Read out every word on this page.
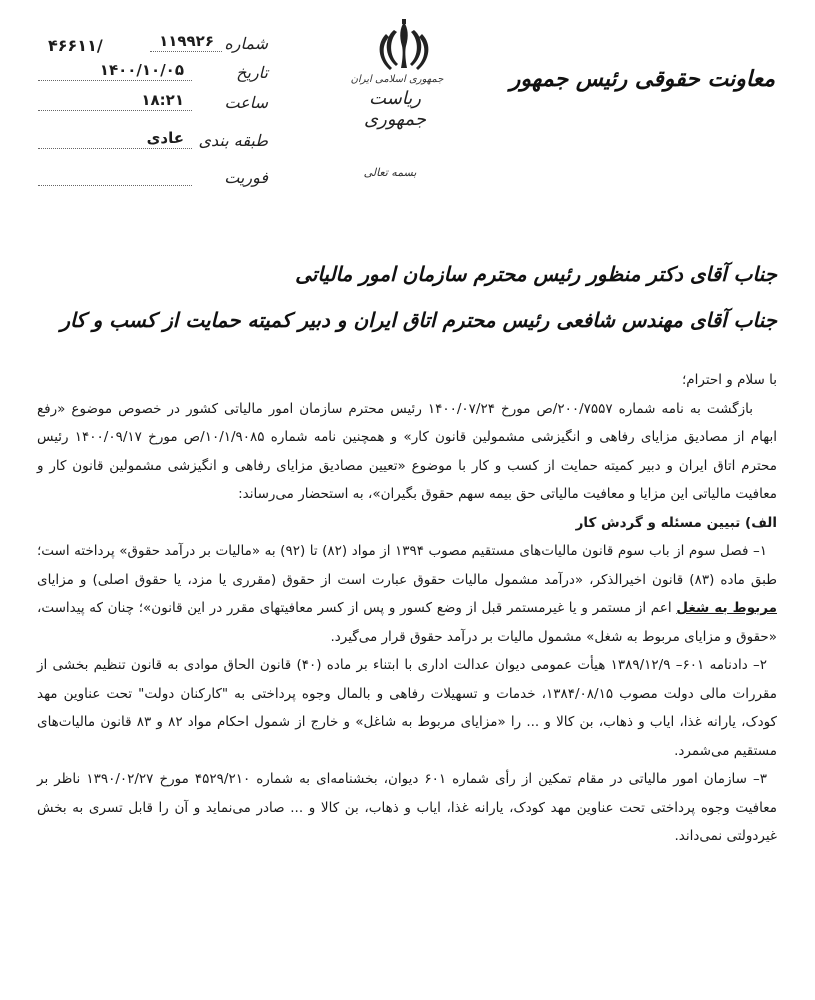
۴۶۶۱۱/	شماره
۱۱۹۹۲۶
تاریخ
۱۴۰۰/۱۰/۰۵
ساعت
۱۸:۲۱
طبقه بندی
عادی
فوریت
جمهوری اسلامی ایران
ریاست جمهوری
بسمه تعالی
معاونت حقوقی رئیس جمهور
جناب آقای دکتر منظور رئیس محترم سازمان امور مالیاتی
جناب آقای مهندس شافعی رئیس محترم اتاق ایران و دبیر کمیته حمایت از کسب و کار

با سلام و احترام؛

بازگشت به نامه شماره ۲۰۰/۷۵۵۷/ص مورخ ۱۴۰۰/۰۷/۲۴ رئیس محترم سازمان امور مالیاتی کشور در خصوص موضوع «رفع ابهام از مصادیق مزایای رفاهی و انگیزشی مشمولین قانون کار» و همچنین نامه شماره ۱۰/۱/۹۰۸۵/ص مورخ ۱۴۰۰/۰۹/۱۷ رئیس محترم اتاق ایران و دبیر کمیته حمایت از کسب و کار با موضوع «تعیین مصادیق مزایای رفاهی و انگیزشی مشمولین قانون کار و معافیت مالیاتی این مزایا و معافیت مالیاتی حق بیمه سهم حقوق بگیران»، به استحضار می‌رساند:

الف) تبیین مسئله و گردش کار

۱– فصل سوم از باب سوم قانون مالیات‌های مستقیم مصوب ۱۳۹۴ از مواد (۸۲) تا (۹۲) به «مالیات بر درآمد حقوق» پرداخته است؛ طبق ماده (۸۳) قانون اخیرالذکر، «درآمد مشمول مالیات حقوق عبارت است از حقوق (مقرری یا مزد، یا حقوق اصلی) و مزایای مربوط به شغل اعم از مستمر و یا غیرمستمر قبل از وضع کسور و پس از کسر معافیتهای مقرر در این قانون»؛ چنان که پیداست، «حقوق و مزایای مربوط به شغل» مشمول مالیات بر درآمد حقوق قرار می‌گیرد.

۲– دادنامه ۶۰۱– ۱۳۸۹/۱۲/۹ هیأت عمومی دیوان عدالت اداری با ابتناء بر ماده (۴۰) قانون الحاق موادی به قانون تنظیم بخشی از مقررات مالی دولت مصوب ۱۳۸۴/۰۸/۱۵، خدمات و تسهیلات رفاهی و بالمال وجوه پرداختی به "کارکنان دولت" تحت عناوین مهد کودک، یارانه غذا، ایاب و ذهاب، بن کالا و ... را «مزایای مربوط به شاغل» و خارج از شمول احکام مواد ۸۲ و ۸۳ قانون مالیات‌های مستقیم می‌شمرد.

۳– سازمان امور مالیاتی در مقام تمکین از رأی شماره ۶۰۱ دیوان، بخشنامه‌ای به شماره ۴۵۲۹/۲۱۰ مورخ ۱۳۹۰/۰۲/۲۷ ناظر بر معافیت وجوه پرداختی تحت عناوین مهد کودک، یارانه غذا، ایاب و ذهاب، بن کالا و ... صادر می‌نماید و آن را قابل تسری به بخش غیردولتی نمی‌داند.
